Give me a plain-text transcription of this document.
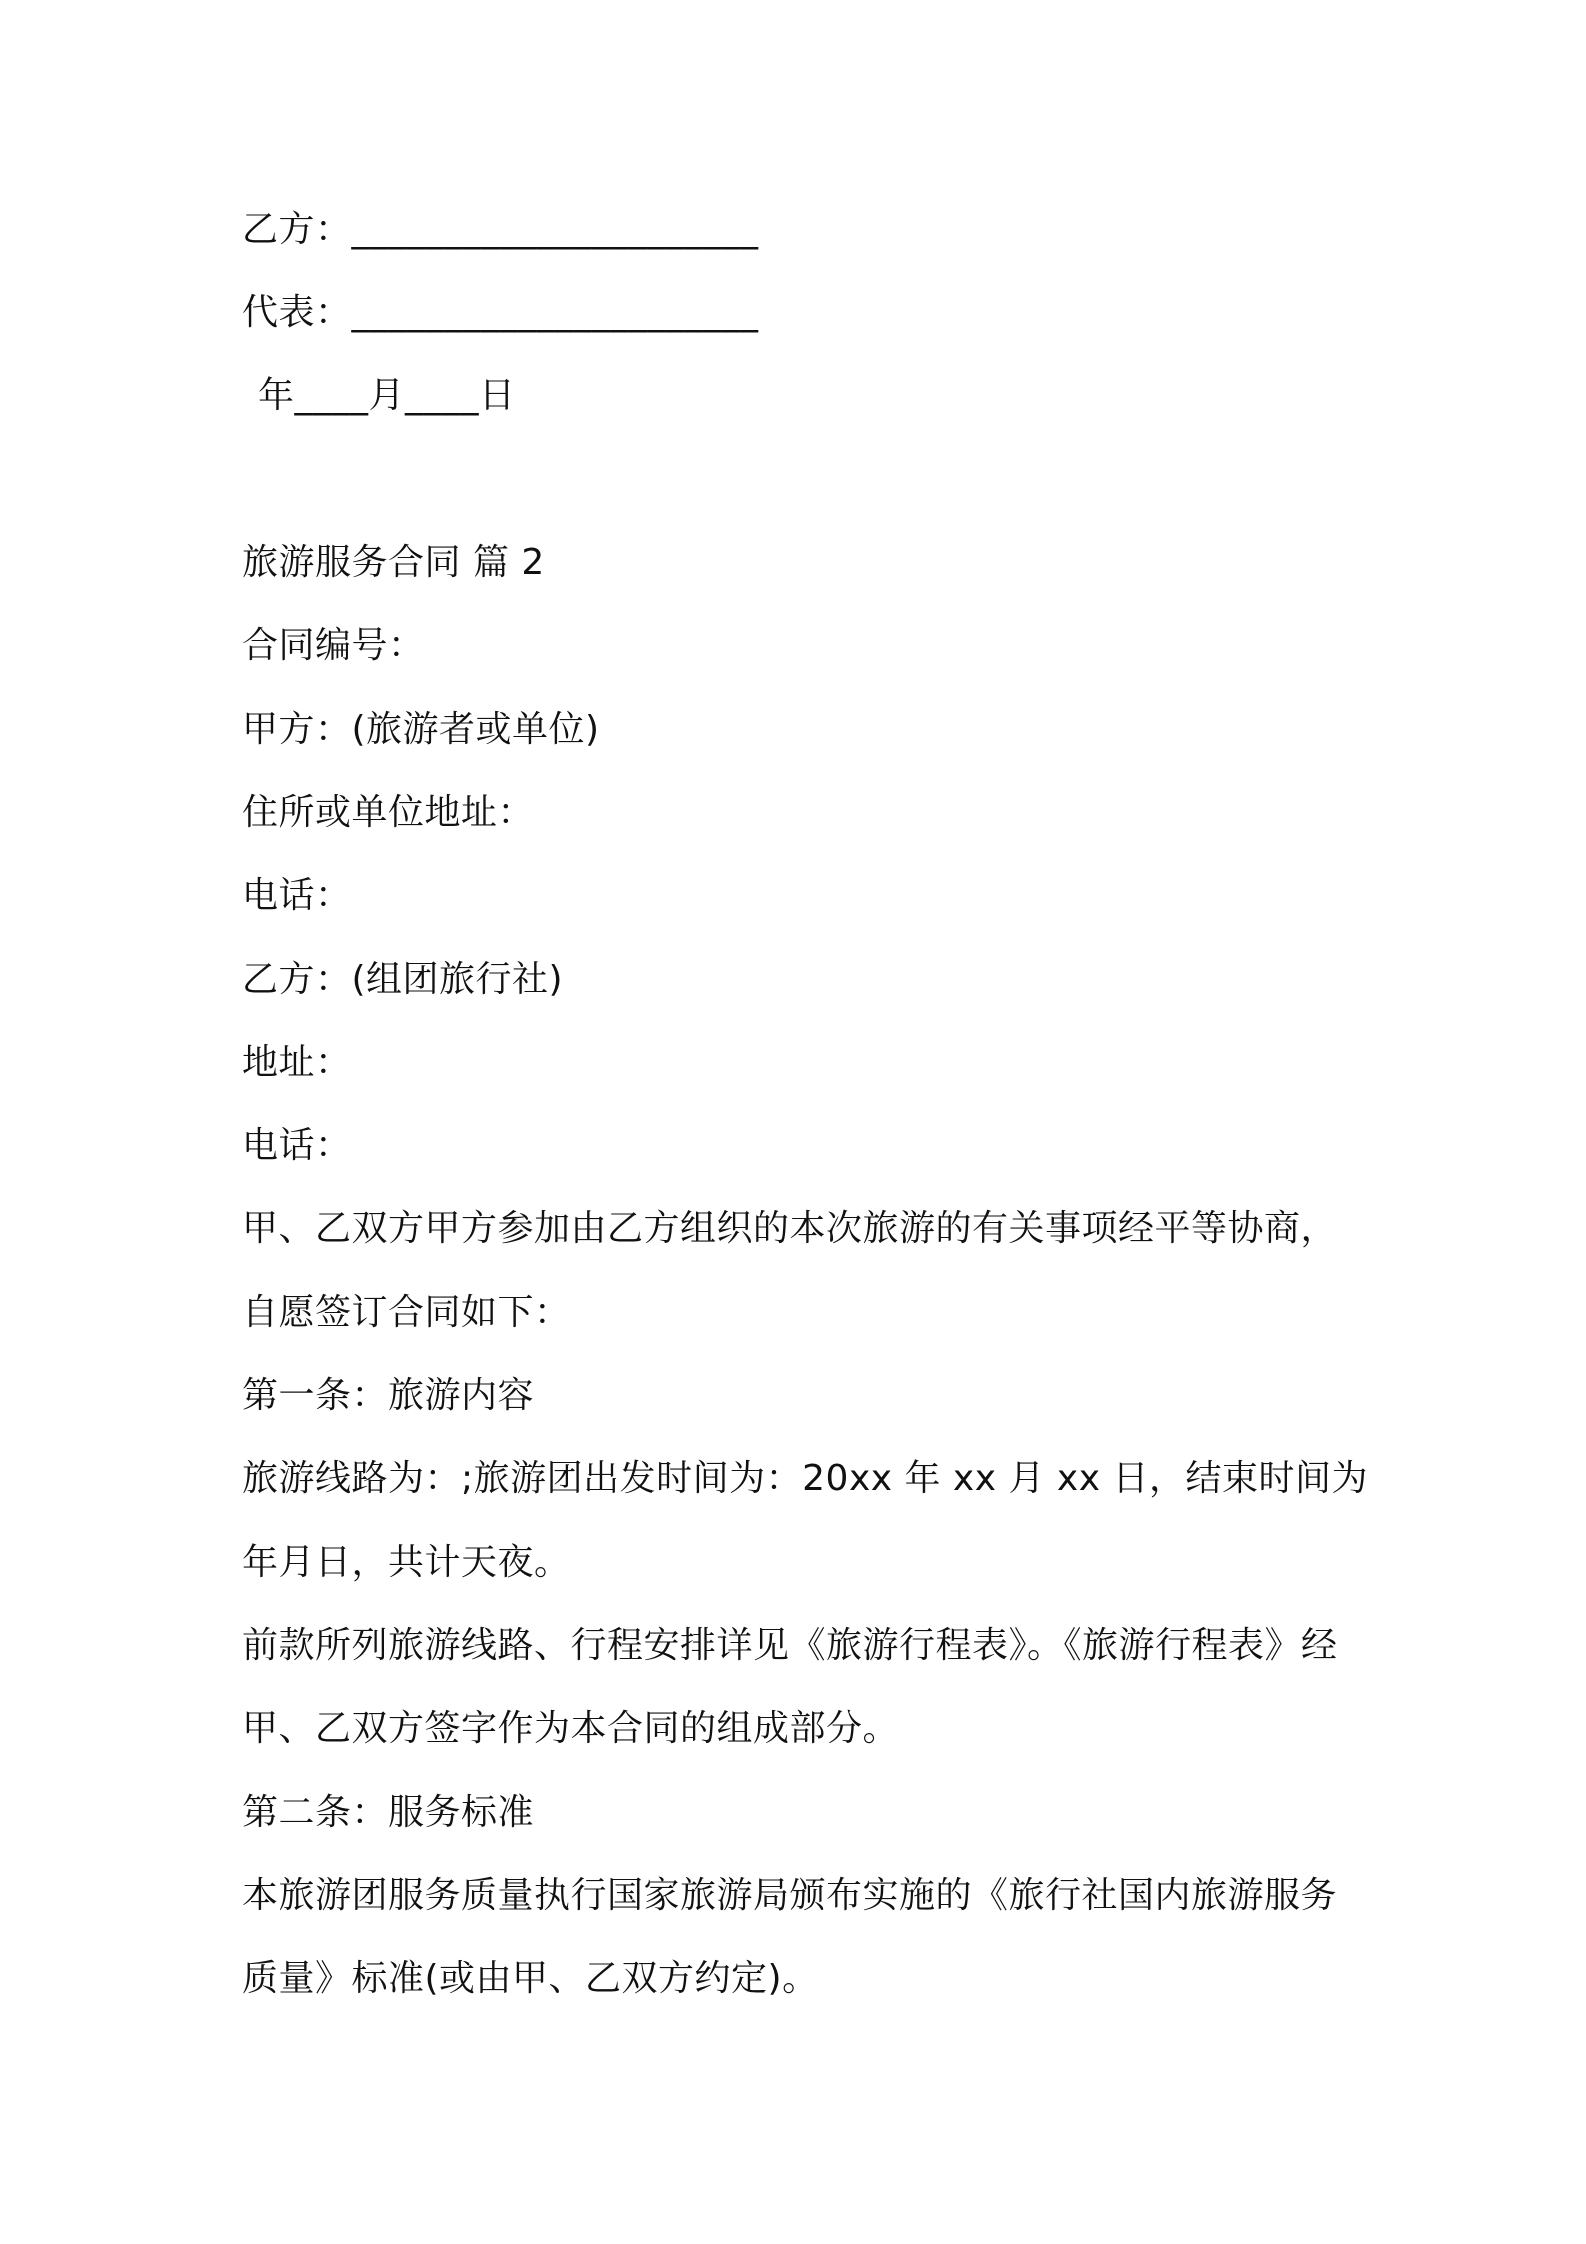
乙方：______________________
代表：______________________
年____月____日
旅游服务合同 篇 2
合同编号：
甲方：(旅游者或单位)
住所或单位地址：
电话：
乙方：(组团旅行社)
地址：
电话：
甲、乙双方甲方参加由乙方组织的本次旅游的有关事项经平等协商，
自愿签订合同如下：
第一条：旅游内容
旅游线路为：;旅游团出发时间为：20xx 年 xx 月 xx 日，结束时间为
年月日，共计天夜。
前款所列旅游线路、行程安排详见《旅游行程表》。《旅游行程表》经
甲、乙双方签字作为本合同的组成部分。
第二条：服务标准
本旅游团服务质量执行国家旅游局颁布实施的《旅行社国内旅游服务
质量》标准(或由甲、乙双方约定)。
